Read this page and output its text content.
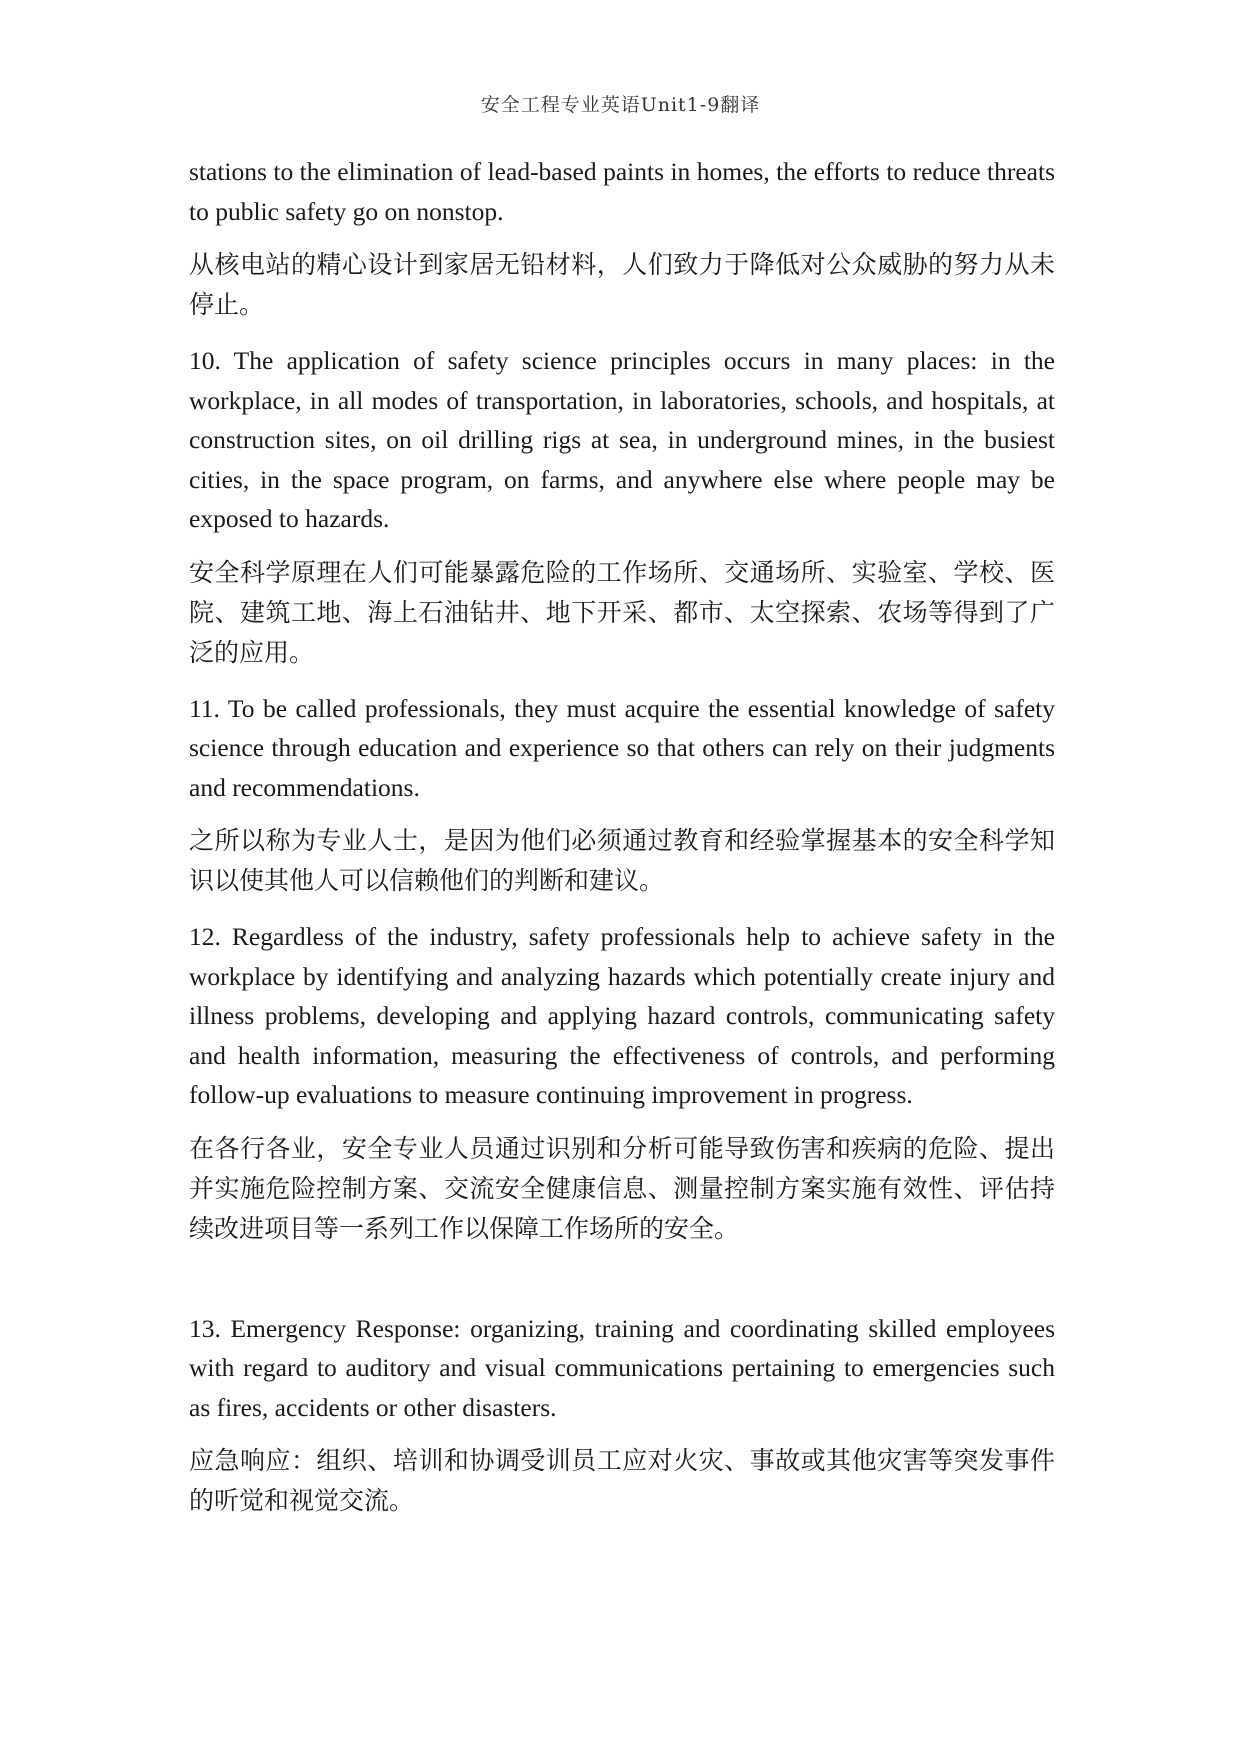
安全工程专业英语Unit1-9翻译

stations to the elimination of lead-based paints in homes, the efforts to reduce threats to public safety go on nonstop.

从核电站的精心设计到家居无铅材料，人们致力于降低对公众威胁的努力从未停止。

10. The application of safety science principles occurs in many places: in the workplace, in all modes of transportation, in laboratories, schools, and hospitals, at construction sites, on oil drilling rigs at sea, in underground mines, in the busiest cities, in the space program, on farms, and anywhere else where people may be exposed to hazards.

安全科学原理在人们可能暴露危险的工作场所、交通场所、实验室、学校、医院、建筑工地、海上石油钻井、地下开采、都市、太空探索、农场等得到了广泛的应用。

11. To be called professionals, they must acquire the essential knowledge of safety science through education and experience so that others can rely on their judgments and recommendations.

之所以称为专业人士，是因为他们必须通过教育和经验掌握基本的安全科学知识以使其他人可以信赖他们的判断和建议。

12. Regardless of the industry, safety professionals help to achieve safety in the workplace by identifying and analyzing hazards which potentially create injury and illness problems, developing and applying hazard controls, communicating safety and health information, measuring the effectiveness of controls, and performing follow-up evaluations to measure continuing improvement in progress.

在各行各业，安全专业人员通过识别和分析可能导致伤害和疾病的危险、提出并实施危险控制方案、交流安全健康信息、测量控制方案实施有效性、评估持续改进项目等一系列工作以保障工作场所的安全。

13. Emergency Response: organizing, training and coordinating skilled employees with regard to auditory and visual communications pertaining to emergencies such as fires, accidents or other disasters.

应急响应：组织、培训和协调受训员工应对火灾、事故或其他灾害等突发事件的听觉和视觉交流。
